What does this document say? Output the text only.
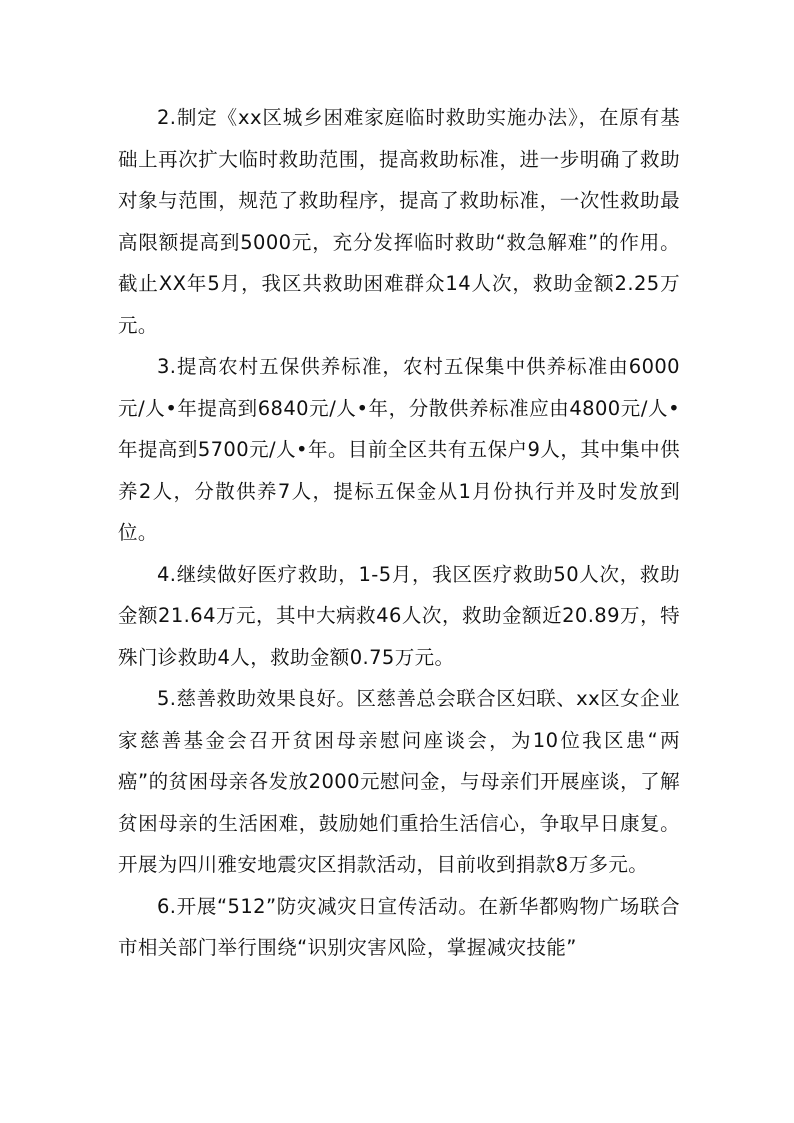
2.制定《xx区城乡困难家庭临时救助实施办法》，在原有基础上再次扩大临时救助范围，提高救助标准，进一步明确了救助对象与范围，规范了救助程序，提高了救助标准，一次性救助最高限额提高到5000元，充分发挥临时救助“救急解难”的作用。截止XX年5月，我区共救助困难群众14人次，救助金额2.25万元。

3.提高农村五保供养标准，农村五保集中供养标准由6000元/人•年提高到6840元/人•年，分散供养标准应由4800元/人•年提高到5700元/人•年。目前全区共有五保户9人，其中集中供养2人，分散供养7人，提标五保金从1月份执行并及时发放到位。

4.继续做好医疗救助，1-5月，我区医疗救助50人次，救助金额21.64万元，其中大病救46人次，救助金额近20.89万，特殊门诊救助4人，救助金额0.75万元。

5.慈善救助效果良好。区慈善总会联合区妇联、xx区女企业家慈善基金会召开贫困母亲慰问座谈会，为10位我区患“两癌”的贫困母亲各发放2000元慰问金，与母亲们开展座谈，了解贫困母亲的生活困难，鼓励她们重拾生活信心，争取早日康复。开展为四川雅安地震灾区捐款活动，目前收到捐款8万多元。

6.开展“512”防灾减灾日宣传活动。在新华都购物广场联合市相关部门举行围绕“识别灾害风险，掌握减灾技能”
